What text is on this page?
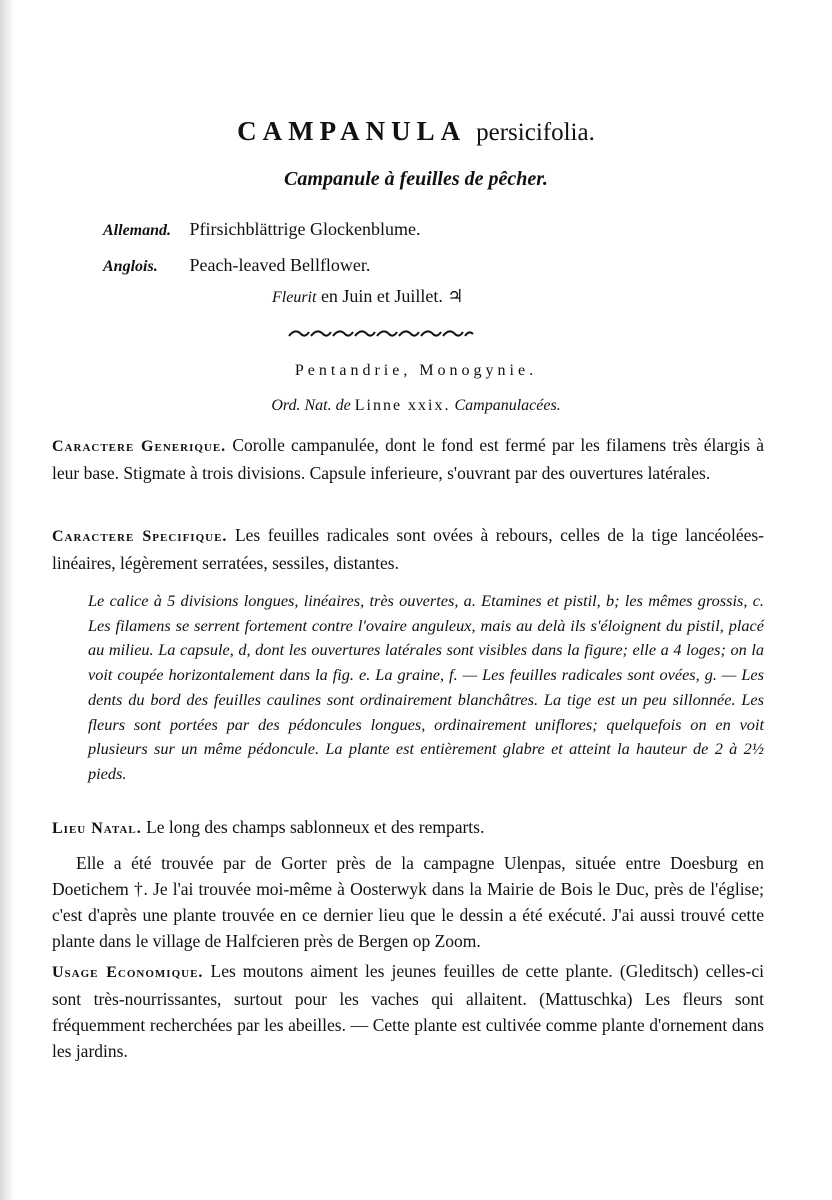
CAMPANULA persicifolia.
Campanule à feuilles de pêcher.
Allemand. Pfirsichblättrige Glockenblume.
Anglois. Peach-leaved Bellflower.
Fleurit en Juin et Juillet. ♃
Pentandrie, Monogynie.
Ord. Nat. de Linne xxix. Campanulacées.
Caractere Generique. Corolle campanulée, dont le fond est fermé par les filamens très élargis à leur base. Stigmate à trois divisions. Capsule inferieure, s'ouvrant par des ouvertures latérales.
Caractere Specifique. Les feuilles radicales sont ovées à rebours, celles de la tige lancéolées-linéaires, légèrement serratées, sessiles, distantes.
Le calice à 5 divisions longues, linéaires, très ouvertes, a. Etamines et pistil, b; les mêmes grossis, c. Les filamens se serrent fortement contre l'ovaire anguleux, mais au delà ils s'éloignent du pistil, placé au milieu. La capsule, d, dont les ouvertures latérales sont visibles dans la figure; elle a 4 loges; on la voit coupée horizontalement dans la fig. e. La graine, f. — Les feuilles radicales sont ovées, g. — Les dents du bord des feuilles caulines sont ordinairement blanchâtres. La tige est un peu sillonnée. Les fleurs sont portées par des pédoncules longues, ordinairement uniflores; quelquefois on en voit plusieurs sur un même pédoncule. La plante est entièrement glabre et atteint la hauteur de 2 à 2½ pieds.
Lieu Natal. Le long des champs sablonneux et des remparts.
Elle a été trouvée par de Gorter près de la campagne Ulenpas, située entre Doesburg en Doetichem †. Je l'ai trouvée moi-même à Oosterwyk dans la Mairie de Bois le Duc, près de l'église; c'est d'après une plante trouvée en ce dernier lieu que le dessin a été exécuté. J'ai aussi trouvé cette plante dans le village de Halfcieren près de Bergen op Zoom.
Usage Economique. Les moutons aiment les jeunes feuilles de cette plante. (Gleditsch) celles-ci sont très-nourrissantes, surtout pour les vaches qui allaitent. (Mattuschka) Les fleurs sont fréquemment recherchées par les abeilles. — Cette plante est cultivée comme plante d'ornement dans les jardins.
